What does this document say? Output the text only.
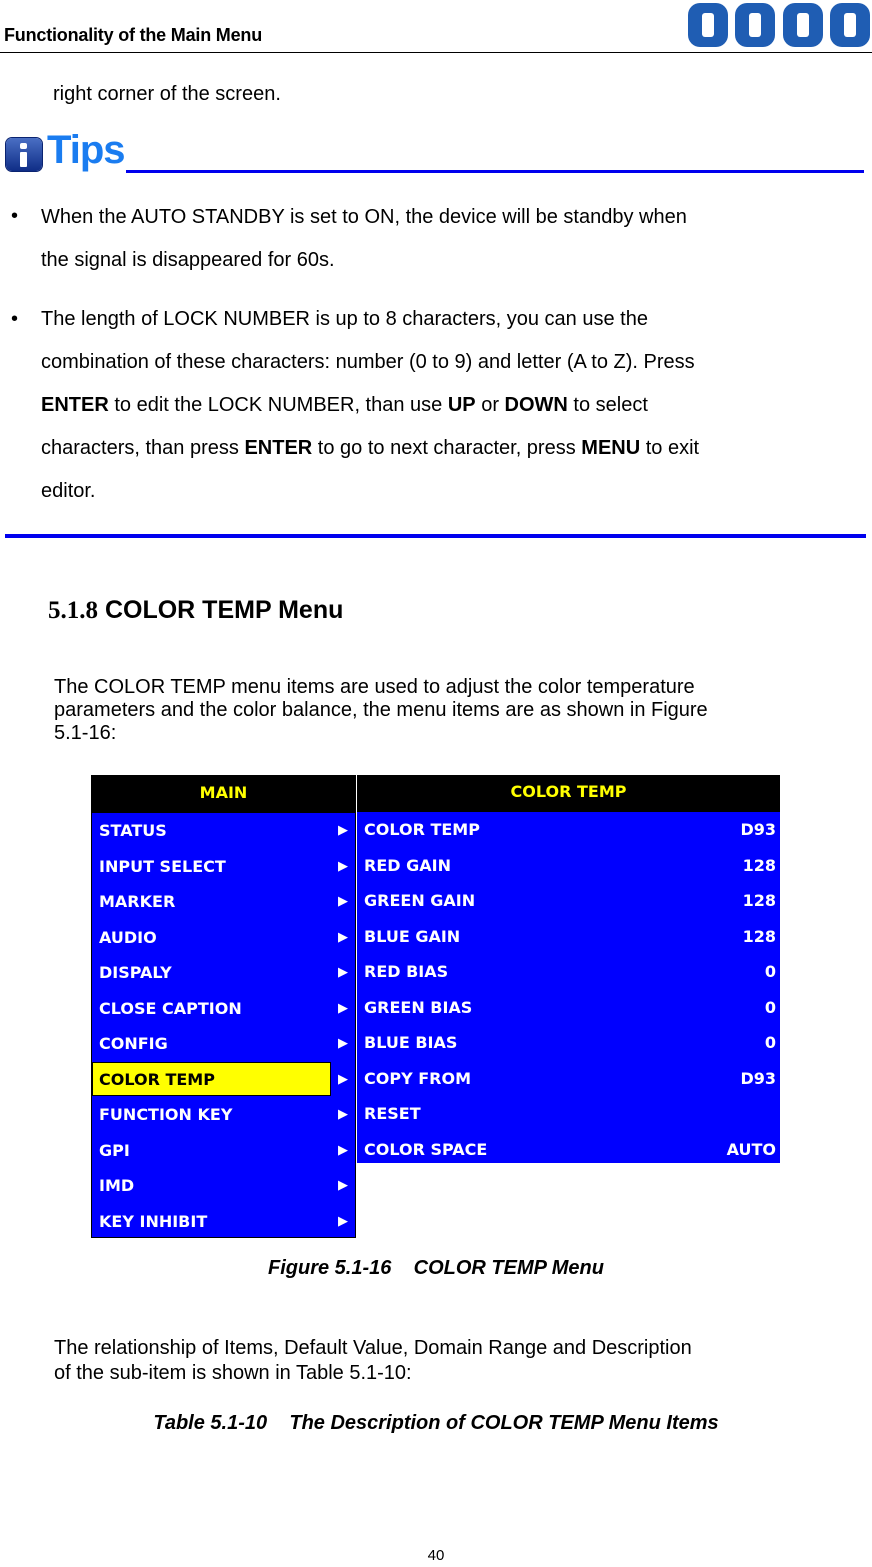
Functionality of the Main Menu
right corner of the screen.
Tips
• When the AUTO STANDBY is set to ON, the device will be standby when
the signal is disappeared for 60s.
• The length of LOCK NUMBER is up to 8 characters, you can use the
combination of these characters: number (0 to 9) and letter (A to Z). Press
ENTER to edit the LOCK NUMBER, than use UP or DOWN to select
characters, than press ENTER to go to next character, press MENU to exit
editor.
5.1.8 COLOR TEMP Menu
The COLOR TEMP menu items are used to adjust the color temperature
parameters and the color balance, the menu items are as shown in Figure
5.1-16:
MAIN
STATUS	▶
INPUT SELECT	▶
MARKER	▶
AUDIO	▶
DISPALY	▶
CLOSE CAPTION	▶
CONFIG	▶
COLOR TEMP	▶
FUNCTION KEY	▶
GPI	▶
IMD	▶
KEY INHIBIT	▶
COLOR TEMP
COLOR TEMP	D93
RED GAIN	128
GREEN GAIN	128
BLUE GAIN	128
RED BIAS	0
GREEN BIAS	0
BLUE BIAS	0
COPY FROM	D93
RESET
COLOR SPACE	AUTO
Figure 5.1-16    COLOR TEMP Menu
The relationship of Items, Default Value, Domain Range and Description
of the sub-item is shown in Table 5.1-10:
Table 5.1-10    The Description of COLOR TEMP Menu Items
40
